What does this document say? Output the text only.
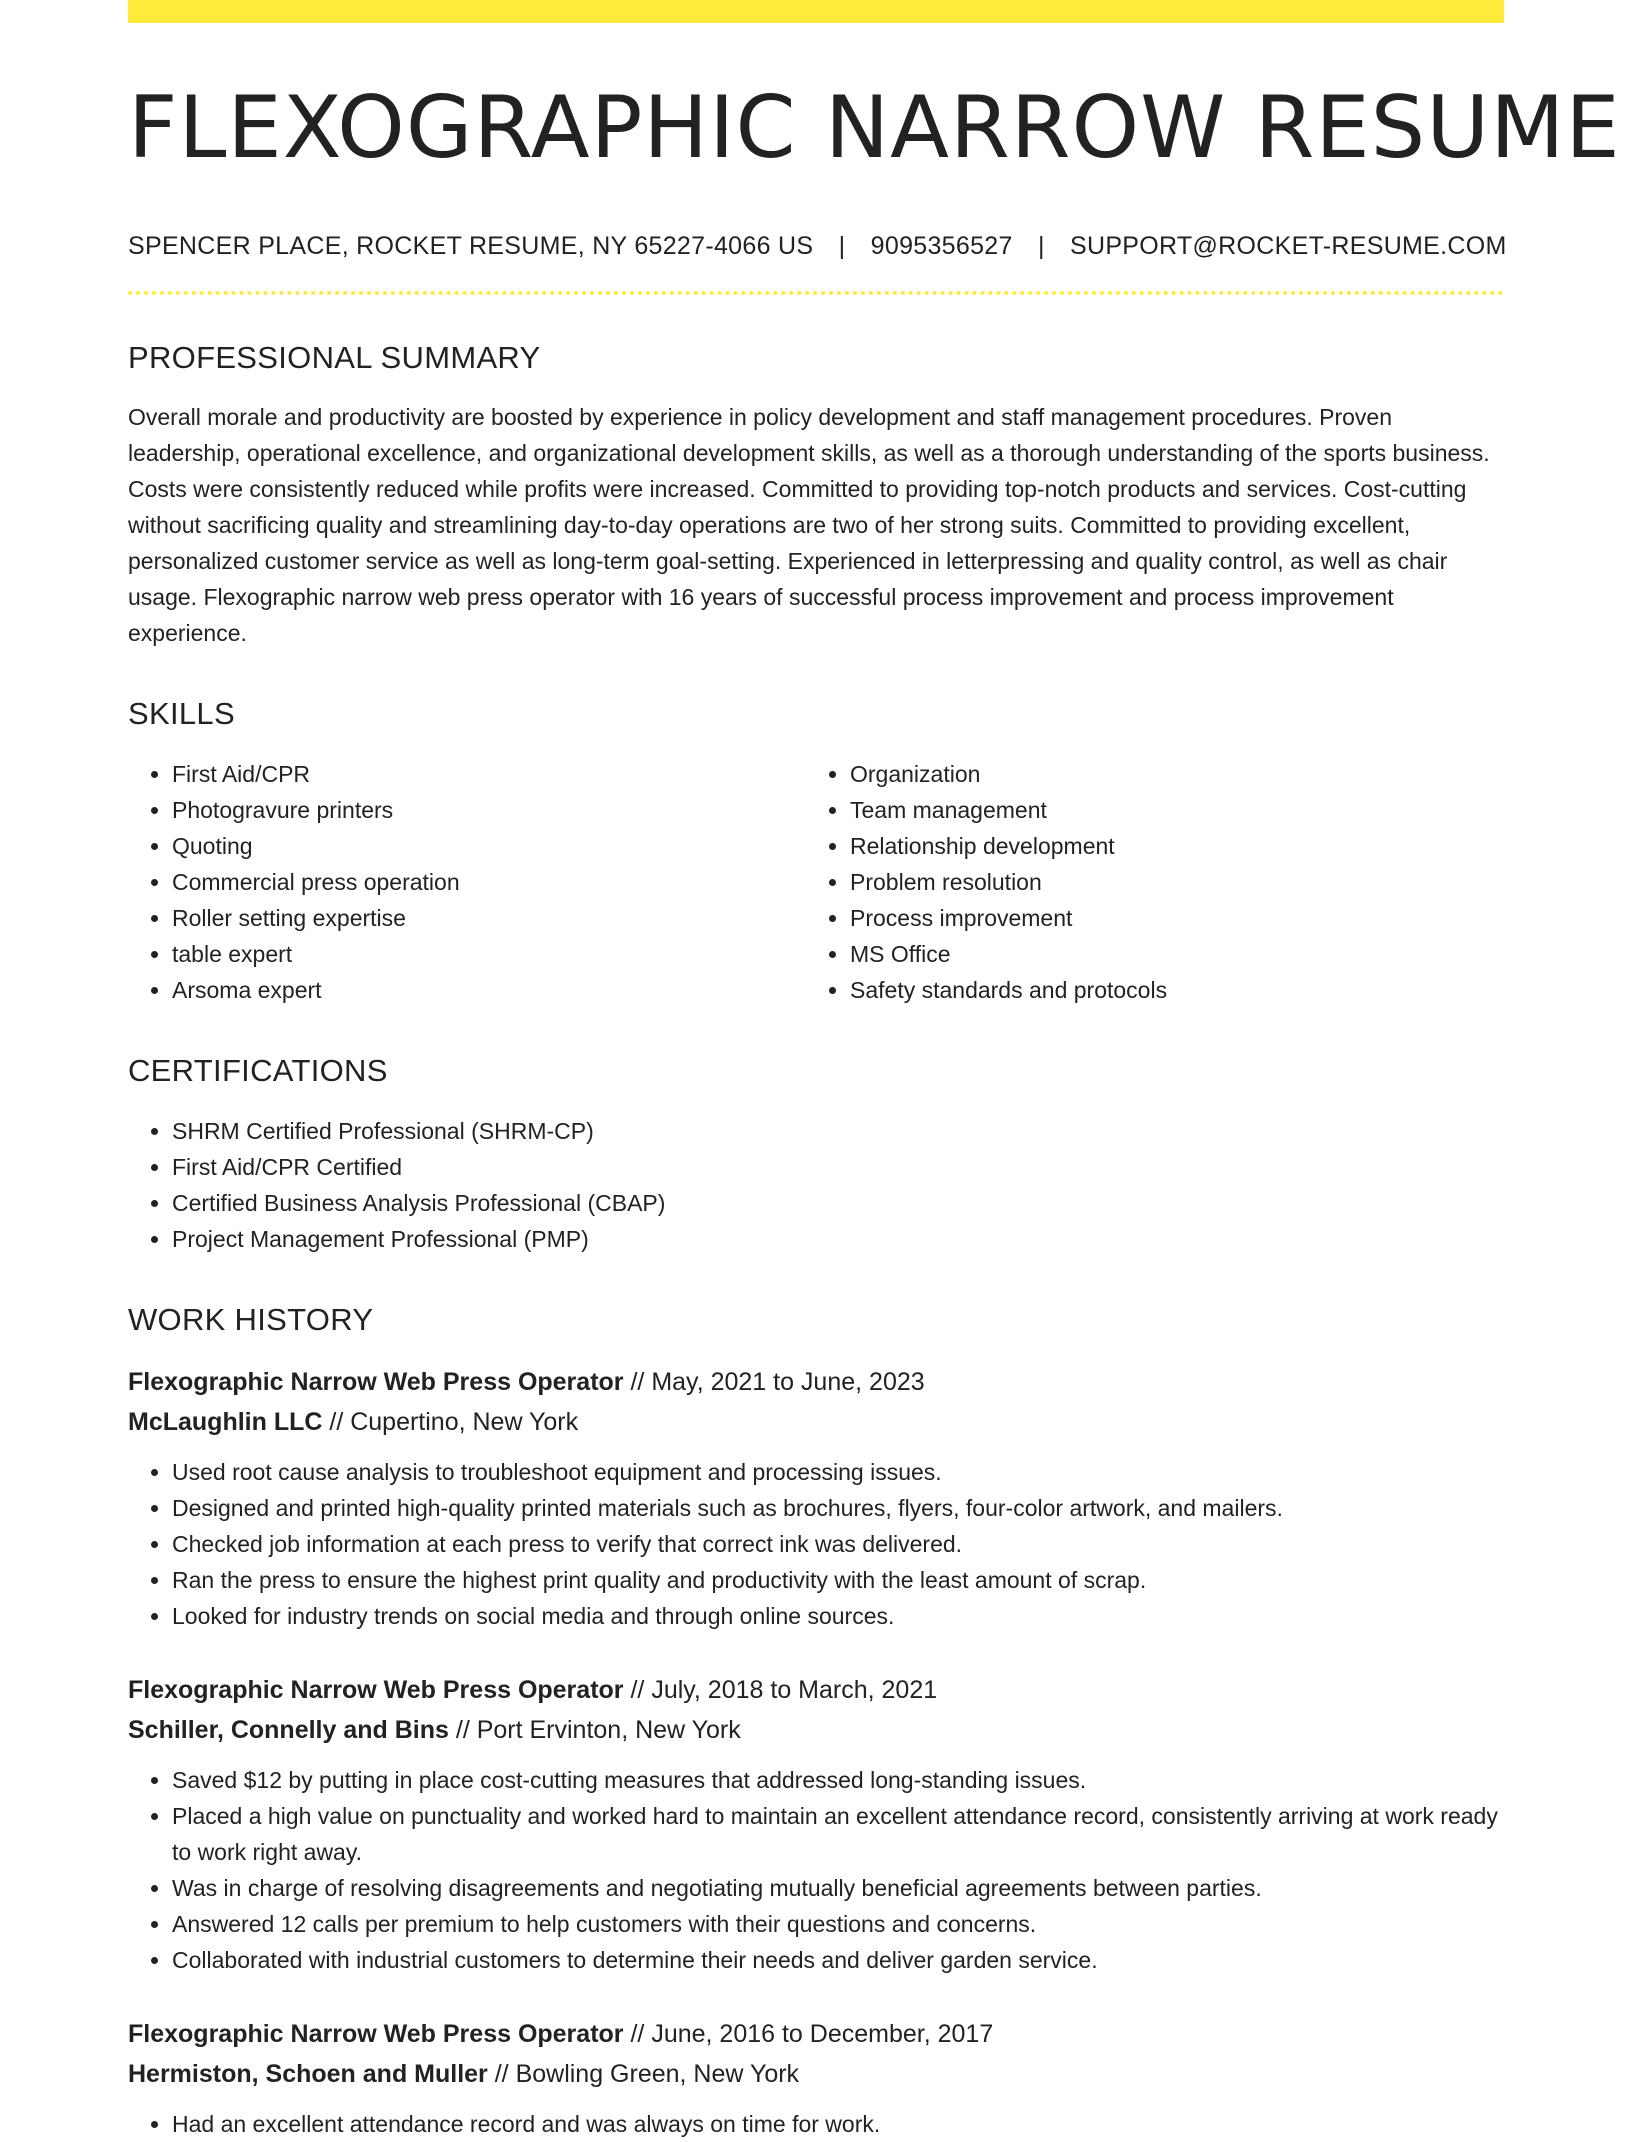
FLEXOGRAPHIC NARROW RESUME
SPENCER PLACE, ROCKET RESUME, NY 65227-4066 US | 9095356527 | SUPPORT@ROCKET-RESUME.COM
PROFESSIONAL SUMMARY
Overall morale and productivity are boosted by experience in policy development and staff management procedures. Proven leadership, operational excellence, and organizational development skills, as well as a thorough understanding of the sports business. Costs were consistently reduced while profits were increased. Committed to providing top-notch products and services. Cost-cutting without sacrificing quality and streamlining day-to-day operations are two of her strong suits. Committed to providing excellent, personalized customer service as well as long-term goal-setting. Experienced in letterpressing and quality control, as well as chair usage. Flexographic narrow web press operator with 16 years of successful process improvement and process improvement experience.
SKILLS
• First Aid/CPR
• Photogravure printers
• Quoting
• Commercial press operation
• Roller setting expertise
• table expert
• Arsoma expert
• Organization
• Team management
• Relationship development
• Problem resolution
• Process improvement
• MS Office
• Safety standards and protocols
CERTIFICATIONS
• SHRM Certified Professional (SHRM-CP)
• First Aid/CPR Certified
• Certified Business Analysis Professional (CBAP)
• Project Management Professional (PMP)
WORK HISTORY
Flexographic Narrow Web Press Operator // May, 2021 to June, 2023
McLaughlin LLC // Cupertino, New York
• Used root cause analysis to troubleshoot equipment and processing issues.
• Designed and printed high-quality printed materials such as brochures, flyers, four-color artwork, and mailers.
• Checked job information at each press to verify that correct ink was delivered.
• Ran the press to ensure the highest print quality and productivity with the least amount of scrap.
• Looked for industry trends on social media and through online sources.
Flexographic Narrow Web Press Operator // July, 2018 to March, 2021
Schiller, Connelly and Bins // Port Ervinton, New York
• Saved $12 by putting in place cost-cutting measures that addressed long-standing issues.
• Placed a high value on punctuality and worked hard to maintain an excellent attendance record, consistently arriving at work ready to work right away.
• Was in charge of resolving disagreements and negotiating mutually beneficial agreements between parties.
• Answered 12 calls per premium to help customers with their questions and concerns.
• Collaborated with industrial customers to determine their needs and deliver garden service.
Flexographic Narrow Web Press Operator // June, 2016 to December, 2017
Hermiston, Schoen and Muller // Bowling Green, New York
• Had an excellent attendance record and was always on time for work.
